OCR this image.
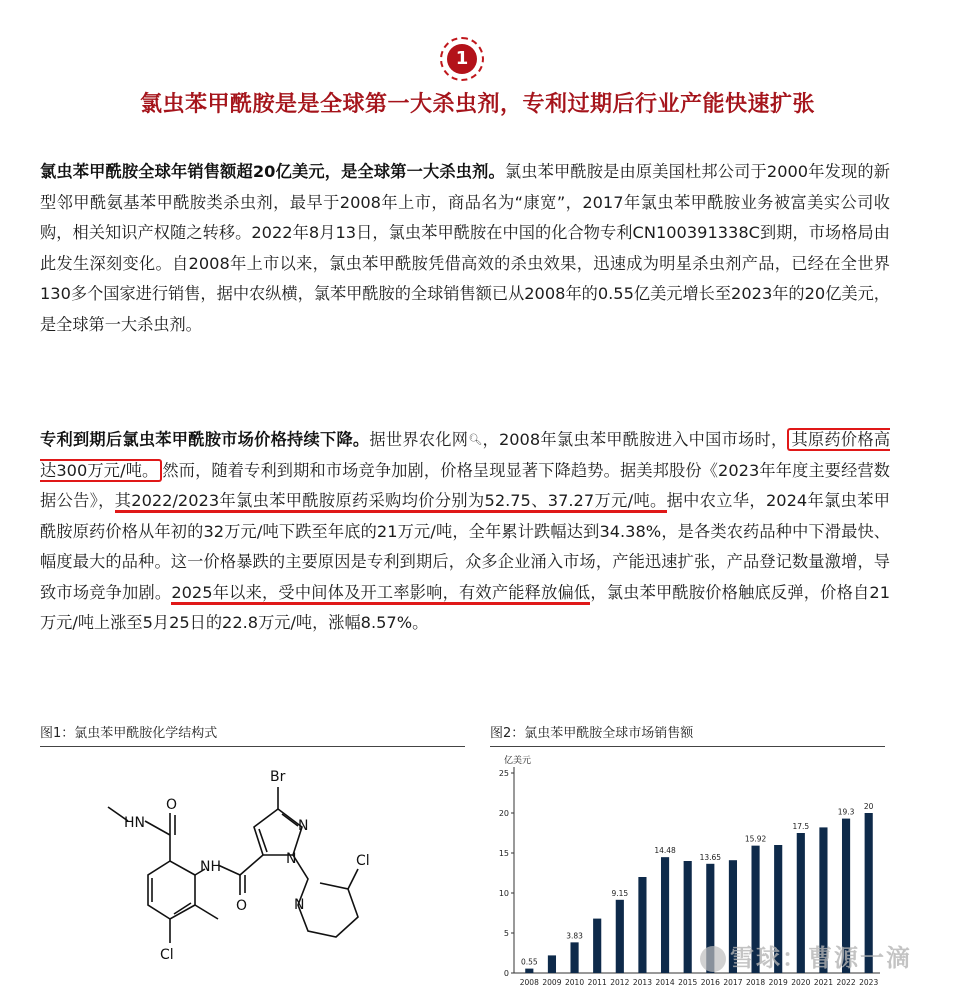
1
氯虫苯甲酰胺是是全球第一大杀虫剂，专利过期后行业产能快速扩张
氯虫苯甲酰胺全球年销售额超20亿美元，是全球第一大杀虫剂。氯虫苯甲酰胺是由原美国杜邦公司于2000年发现的新型邻甲酰氨基苯甲酰胺类杀虫剂，最早于2008年上市，商品名为“康宽”，2017年氯虫苯甲酰胺业务被富美实公司收购，相关知识产权随之转移。2022年8月13日，氯虫苯甲酰胺在中国的化合物专利CN100391338C到期，市场格局由此发生深刻变化。自2008年上市以来，氯虫苯甲酰胺凭借高效的杀虫效果，迅速成为明星杀虫剂产品，已经在全世界130多个国家进行销售，据中农纵横，氯苯甲酰胺的全球销售额已从2008年的0.55亿美元增长至2023年的20亿美元，是全球第一大杀虫剂。
专利到期后氯虫苯甲酰胺市场价格持续下降。据世界农化网🔍︎，2008年氯虫苯甲酰胺进入中国市场时， 其原药价格高达300万元/吨。 然而，随着专利到期和市场竞争加剧，价格呈现显著下降趋势。据美邦股份《2023年年度主要经营数据公告》，其2022/2023年氯虫苯甲酰胺原药采购均价分别为52.75、37.27万元/吨。据中农立华，2024年氯虫苯甲酰胺原药价格从年初的32万元/吨下跌至年底的21万元/吨，全年累计跌幅达到34.38%，是各类农药品种中下滑最快、幅度最大的品种。这一价格暴跌的主要原因是专利到期后，众多企业涌入市场，产能迅速扩张，产品登记数量激增，导致市场竞争加剧。2025年以来，受中间体及开工率影响，有效产能释放偏低，氯虫苯甲酰胺价格触底反弹，价格自21万元/吨上涨至5月25日的22.8万元/吨，涨幅8.57%。
图1：氯虫苯甲酰胺化学结构式
Br
N
N	Cl
N
NH
O
HN
O
Cl
图2：氯虫苯甲酰胺全球市场销售额
亿美元
0
5
10
15
20
25
0.55
2008 2009
3.83
2010 2011
9.15
2012 2013
14.48
2014 2015
13.65
2016 2017
15.92
2018 2019
17.5
2020 2021
19.3
2022
20
2023
雪球：曹源一滴
